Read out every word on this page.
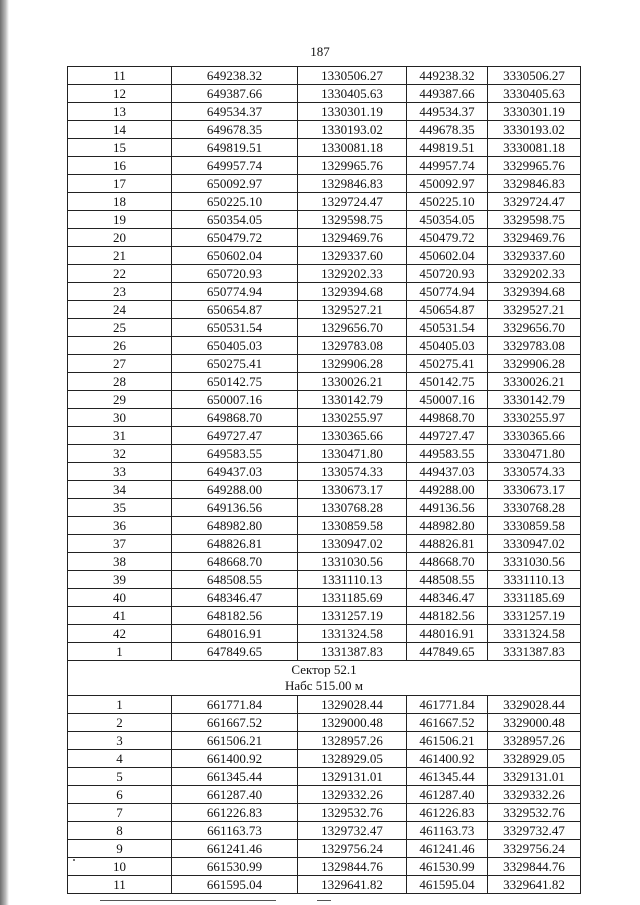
187
11	649238.32	1330506.27	449238.32	3330506.27
12	649387.66	1330405.63	449387.66	3330405.63
13	649534.37	1330301.19	449534.37	3330301.19
14	649678.35	1330193.02	449678.35	3330193.02
15	649819.51	1330081.18	449819.51	3330081.18
16	649957.74	1329965.76	449957.74	3329965.76
17	650092.97	1329846.83	450092.97	3329846.83
18	650225.10	1329724.47	450225.10	3329724.47
19	650354.05	1329598.75	450354.05	3329598.75
20	650479.72	1329469.76	450479.72	3329469.76
21	650602.04	1329337.60	450602.04	3329337.60
22	650720.93	1329202.33	450720.93	3329202.33
23	650774.94	1329394.68	450774.94	3329394.68
24	650654.87	1329527.21	450654.87	3329527.21
25	650531.54	1329656.70	450531.54	3329656.70
26	650405.03	1329783.08	450405.03	3329783.08
27	650275.41	1329906.28	450275.41	3329906.28
28	650142.75	1330026.21	450142.75	3330026.21
29	650007.16	1330142.79	450007.16	3330142.79
30	649868.70	1330255.97	449868.70	3330255.97
31	649727.47	1330365.66	449727.47	3330365.66
32	649583.55	1330471.80	449583.55	3330471.80
33	649437.03	1330574.33	449437.03	3330574.33
34	649288.00	1330673.17	449288.00	3330673.17
35	649136.56	1330768.28	449136.56	3330768.28
36	648982.80	1330859.58	448982.80	3330859.58
37	648826.81	1330947.02	448826.81	3330947.02
38	648668.70	1331030.56	448668.70	3331030.56
39	648508.55	1331110.13	448508.55	3331110.13
40	648346.47	1331185.69	448346.47	3331185.69
41	648182.56	1331257.19	448182.56	3331257.19
42	648016.91	1331324.58	448016.91	3331324.58
1	647849.65	1331387.83	447849.65	3331387.83

Сектор 52.1
Набс 515.00 м				

1	661771.84	1329028.44	461771.84	3329028.44
2	661667.52	1329000.48	461667.52	3329000.48
3	661506.21	1328957.26	461506.21	3328957.26
4	661400.92	1328929.05	461400.92	3328929.05
5	661345.44	1329131.01	461345.44	3329131.01
6	661287.40	1329332.26	461287.40	3329332.26
7	661226.83	1329532.76	461226.83	3329532.76
8	661163.73	1329732.47	461163.73	3329732.47
9	661241.46	1329756.24	461241.46	3329756.24
10	661530.99	1329844.76	461530.99	3329844.76
11	661595.04	1329641.82	461595.04	3329641.82
